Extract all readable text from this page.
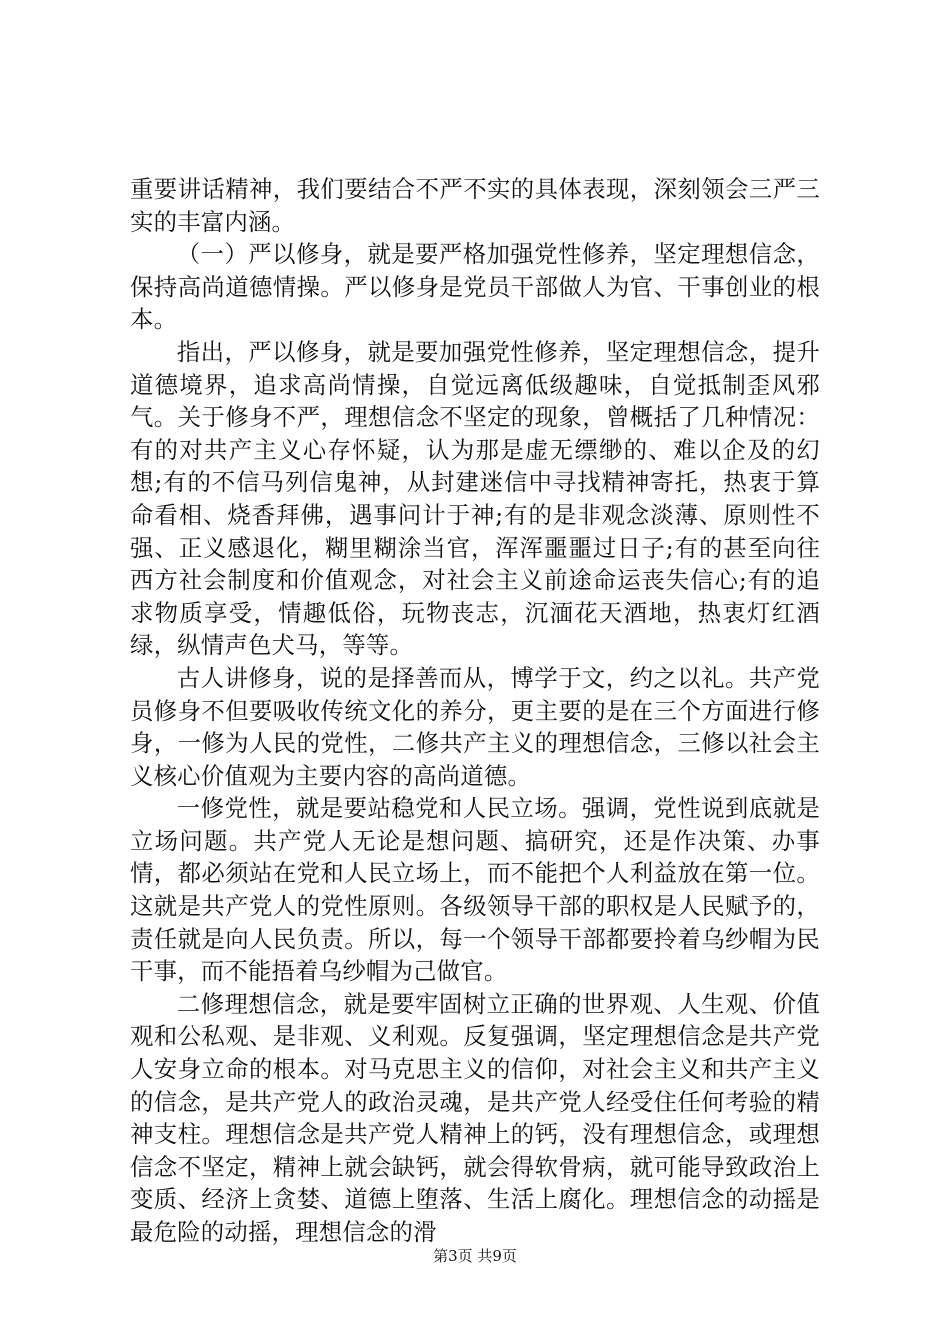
重要讲话精神，我们要结合不严不实的具体表现，深刻领会三严三实的丰富内涵。

（一）严以修身，就是要严格加强党性修养，坚定理想信念，保持高尚道德情操。严以修身是党员干部做人为官、干事创业的根本。

指出，严以修身，就是要加强党性修养，坚定理想信念，提升道德境界，追求高尚情操，自觉远离低级趣味，自觉抵制歪风邪气。关于修身不严，理想信念不坚定的现象，曾概括了几种情况：有的对共产主义心存怀疑，认为那是虚无缥缈的、难以企及的幻想;有的不信马列信鬼神，从封建迷信中寻找精神寄托，热衷于算命看相、烧香拜佛，遇事问计于神;有的是非观念淡薄、原则性不强、正义感退化，糊里糊涂当官，浑浑噩噩过日子;有的甚至向往西方社会制度和价值观念，对社会主义前途命运丧失信心;有的追求物质享受，情趣低俗，玩物丧志，沉湎花天酒地，热衷灯红酒绿，纵情声色犬马，等等。

古人讲修身，说的是择善而从，博学于文，约之以礼。共产党员修身不但要吸收传统文化的养分，更主要的是在三个方面进行修身，一修为人民的党性，二修共产主义的理想信念，三修以社会主义核心价值观为主要内容的高尚道德。

一修党性，就是要站稳党和人民立场。强调，党性说到底就是立场问题。共产党人无论是想问题、搞研究，还是作决策、办事情，都必须站在党和人民立场上，而不能把个人利益放在第一位。这就是共产党人的党性原则。各级领导干部的职权是人民赋予的，责任就是向人民负责。所以，每一个领导干部都要拎着乌纱帽为民干事，而不能捂着乌纱帽为己做官。

二修理想信念，就是要牢固树立正确的世界观、人生观、价值观和公私观、是非观、义利观。反复强调，坚定理想信念是共产党人安身立命的根本。对马克思主义的信仰，对社会主义和共产主义的信念，是共产党人的政治灵魂，是共产党人经受住任何考验的精神支柱。理想信念是共产党人精神上的钙，没有理想信念，或理想信念不坚定，精神上就会缺钙，就会得软骨病，就可能导致政治上变质、经济上贪婪、道德上堕落、生活上腐化。理想信念的动摇是最危险的动摇，理想信念的滑

第3页 共9页
